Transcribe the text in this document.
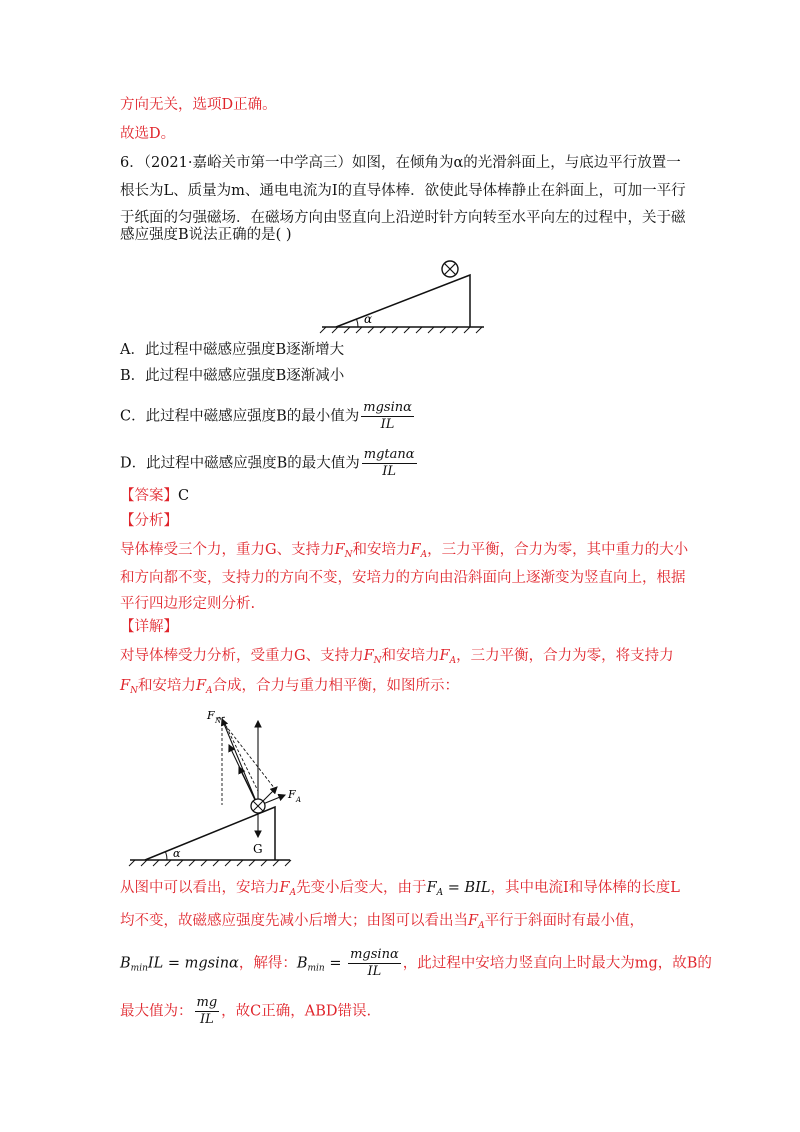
方向无关，选项D正确。
故选D。
6．（2021·嘉峪关市第一中学高三）如图，在倾角为α的光滑斜面上，与底边平行放置一
根长为L、质量为m、通电电流为I的直导体棒．欲使此导体棒静止在斜面上，可加一平行
于纸面的匀强磁场．在磁场方向由竖直向上沿逆时针方向转至水平向左的过程中，关于磁
感应强度B说法正确的是( )
α
A．此过程中磁感应强度B逐渐增大
B．此过程中磁感应强度B逐渐减小
C．此过程中磁感应强度B的最小值为 $\frac{mgsin\alpha}{IL}$
D．此过程中磁感应强度B的最大值为 $\frac{mgtan\alpha}{IL}$
【答案】C
【分析】
导体棒受三个力，重力G、支持力$F_N$和安培力$F_A$，三力平衡，合力为零，其中重力的大小
和方向都不变，支持力的方向不变，安培力的方向由沿斜面向上逐渐变为竖直向上，根据
平行四边形定则分析.
【详解】
对导体棒受力分析，受重力G、支持力$F_N$和安培力$F_A$，三力平衡，合力为零，将支持力
$F_N$和安培力$F_A$合成，合力与重力相平衡，如图所示：
α
F N
F A
G
从图中可以看出，安培力$F_A$先变小后变大，由于$F_A$ = BIL，其中电流I和导体棒的长度L
均不变，故磁感应强度先减小后增大；由图可以看出当$F_A$平行于斜面时有最小值，
$B_{min}IL = mgsin\alpha$，解得：$B_{min} = \frac{mgsin\alpha}{IL}$ ，此过程中安培力竖直向上时最大为mg，故B的
最大值为： $\frac{mg}{IL}$ ，故C正确，ABD错误.
